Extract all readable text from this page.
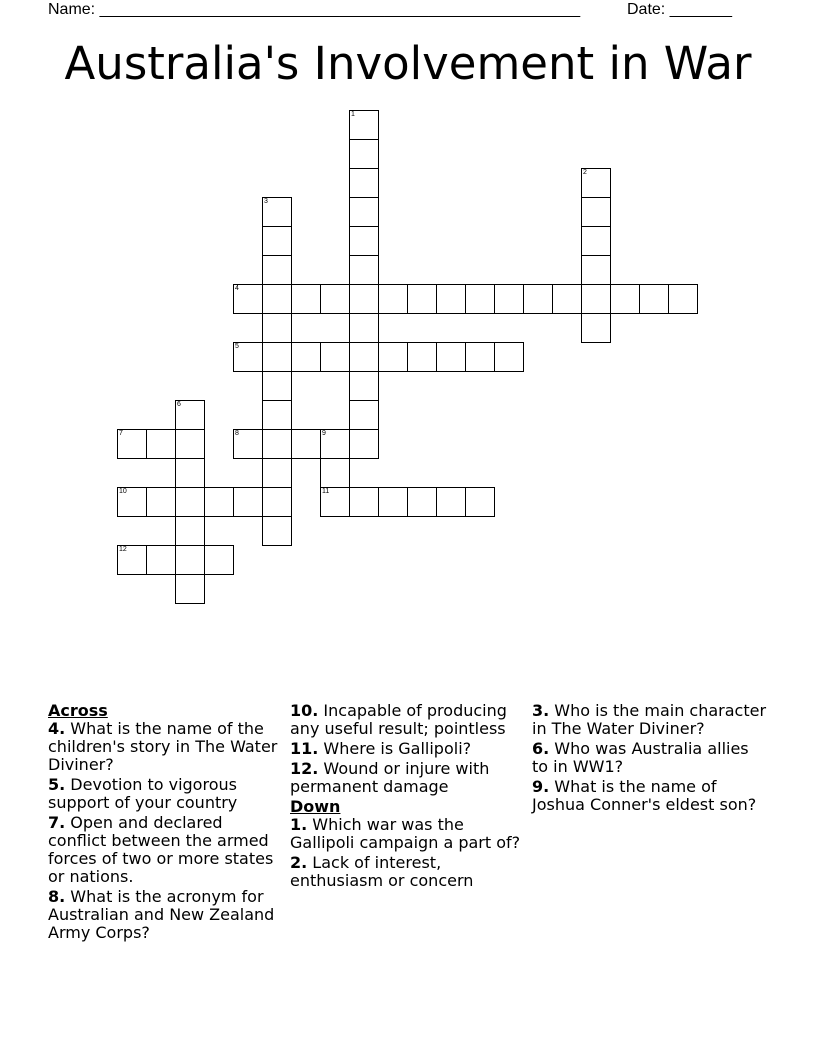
Name: ______________________________________________________	Date: _______
Australia's Involvement in War
1
2
3
4
5
6
7	8	9
10	11
12
Across
4. What is the name of the children's story in The Water Diviner?
5. Devotion to vigorous support of your country
7. Open and declared conflict between the armed forces of two or more states or nations.
8. What is the acronym for Australian and New Zealand Army Corps?
10. Incapable of producing any useful result; pointless
11. Where is Gallipoli?
12. Wound or injure with permanent damage
Down
1. Which war was the Gallipoli campaign a part of?
2. Lack of interest, enthusiasm or concern
3. Who is the main character in The Water Diviner?
6. Who was Australia allies to in WW1?
9. What is the name of Joshua Conner's eldest son?
